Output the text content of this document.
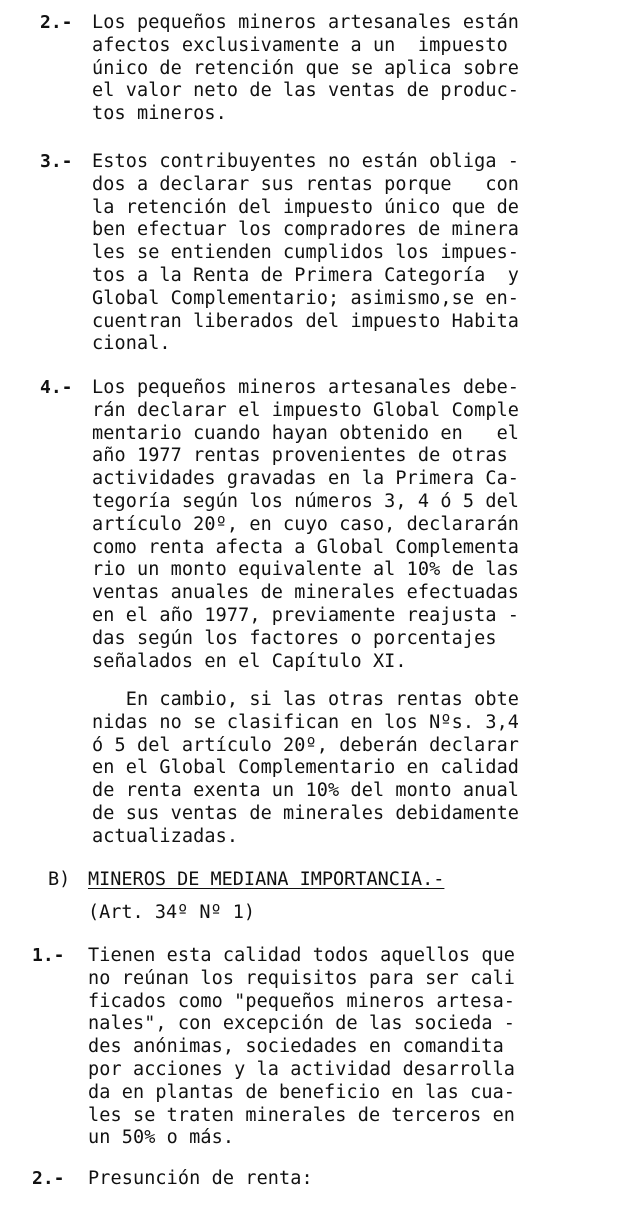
2.- Los pequeños mineros artesanales están
afectos exclusivamente a un  impuesto
único de retención que se aplica sobre
el valor neto de las ventas de produc-
tos mineros.
3.- Estos contribuyentes no están obliga -
dos a declarar sus rentas porque   con
la retención del impuesto único que de
ben efectuar los compradores de minera
les se entienden cumplidos los impues-
tos a la Renta de Primera Categoría  y
Global Complementario; asimismo,se en-
cuentran liberados del impuesto Habita
cional.
4.- Los pequeños mineros artesanales debe-
rán declarar el impuesto Global Comple
mentario cuando hayan obtenido en   el
año 1977 rentas provenientes de otras
actividades gravadas en la Primera Ca-
tegoría según los números 3, 4 ó 5 del
artículo 20º, en cuyo caso, declararán
como renta afecta a Global Complementa
rio un monto equivalente al 10% de las
ventas anuales de minerales efectuadas
en el año 1977, previamente reajusta -
das según los factores o porcentajes
señalados en el Capítulo XI.
En cambio, si las otras rentas obte
nidas no se clasifican en los Nºs. 3,4
ó 5 del artículo 20º, deberán declarar
en el Global Complementario en calidad
de renta exenta un 10% del monto anual
de sus ventas de minerales debidamente
actualizadas.
B) MINEROS DE MEDIANA IMPORTANCIA.-
(Art. 34º Nº 1)
1.- Tienen esta calidad todos aquellos que
no reúnan los requisitos para ser cali
ficados como "pequeños mineros artesa-
nales", con excepción de las socieda -
des anónimas, sociedades en comandita
por acciones y la actividad desarrolla
da en plantas de beneficio en las cua-
les se traten minerales de terceros en
un 50% o más.
2.- Presunción de renta:
